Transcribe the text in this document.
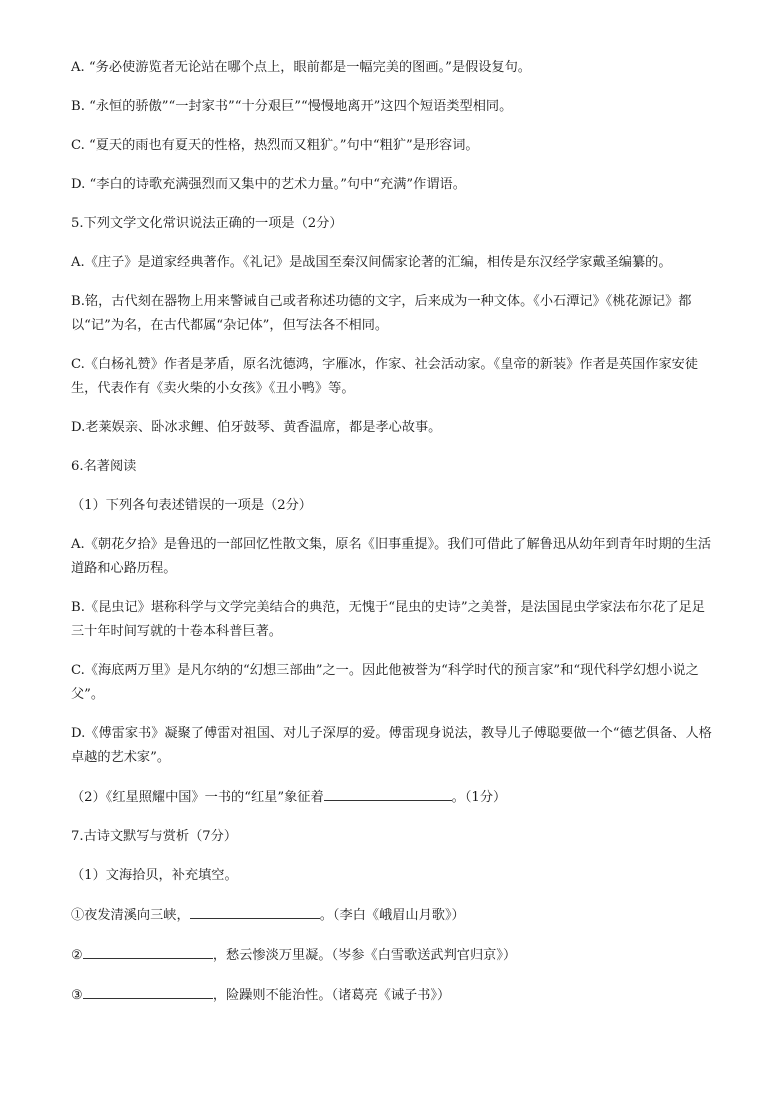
A. “务必使游览者无论站在哪个点上，眼前都是一幅完美的图画。”是假设复句。

B. “永恒的骄傲”“一封家书”“十分艰巨”“慢慢地离开”这四个短语类型相同。

C. “夏天的雨也有夏天的性格，热烈而又粗犷。”句中“粗犷”是形容词。

D. “李白的诗歌充满强烈而又集中的艺术力量。”句中“充满”作谓语。

5.下列文学文化常识说法正确的一项是（2分）

A.《庄子》是道家经典著作。《礼记》是战国至秦汉间儒家论著的汇编，相传是东汉经学家戴圣编纂的。

B.铭，古代刻在器物上用来警诫自己或者称述功德的文字，后来成为一种文体。《小石潭记》《桃花源记》都以“记”为名，在古代都属“杂记体”，但写法各不相同。

C.《白杨礼赞》作者是茅盾，原名沈德鸿，字雁冰，作家、社会活动家。《皇帝的新装》作者是英国作家安徒生，代表作有《卖火柴的小女孩》《丑小鸭》等。

D.老莱娱亲、卧冰求鲤、伯牙鼓琴、黄香温席，都是孝心故事。

6.名著阅读

（1）下列各句表述错误的一项是（2分）

A.《朝花夕拾》是鲁迅的一部回忆性散文集，原名《旧事重提》。我们可借此了解鲁迅从幼年到青年时期的生活道路和心路历程。

B.《昆虫记》堪称科学与文学完美结合的典范，无愧于“昆虫的史诗”之美誉，是法国昆虫学家法布尔花了足足三十年时间写就的十卷本科普巨著。

C.《海底两万里》是凡尔纳的“幻想三部曲”之一。因此他被誉为“科学时代的预言家”和“现代科学幻想小说之父”。

D.《傅雷家书》凝聚了傅雷对祖国、对儿子深厚的爱。傅雷现身说法，教导儿子傅聪要做一个“德艺俱备、人格卓越的艺术家”。

（2）《红星照耀中国》一书的“红星”象征着	。（1分）

7.古诗文默写与赏析（7分）

（1）文海拾贝，补充填空。

①夜发清溪向三峡，	。（李白《峨眉山月歌》）

②	，愁云惨淡万里凝。（岑参《白雪歌送武判官归京》）

③	，险躁则不能治性。（诸葛亮《诫子书》）
